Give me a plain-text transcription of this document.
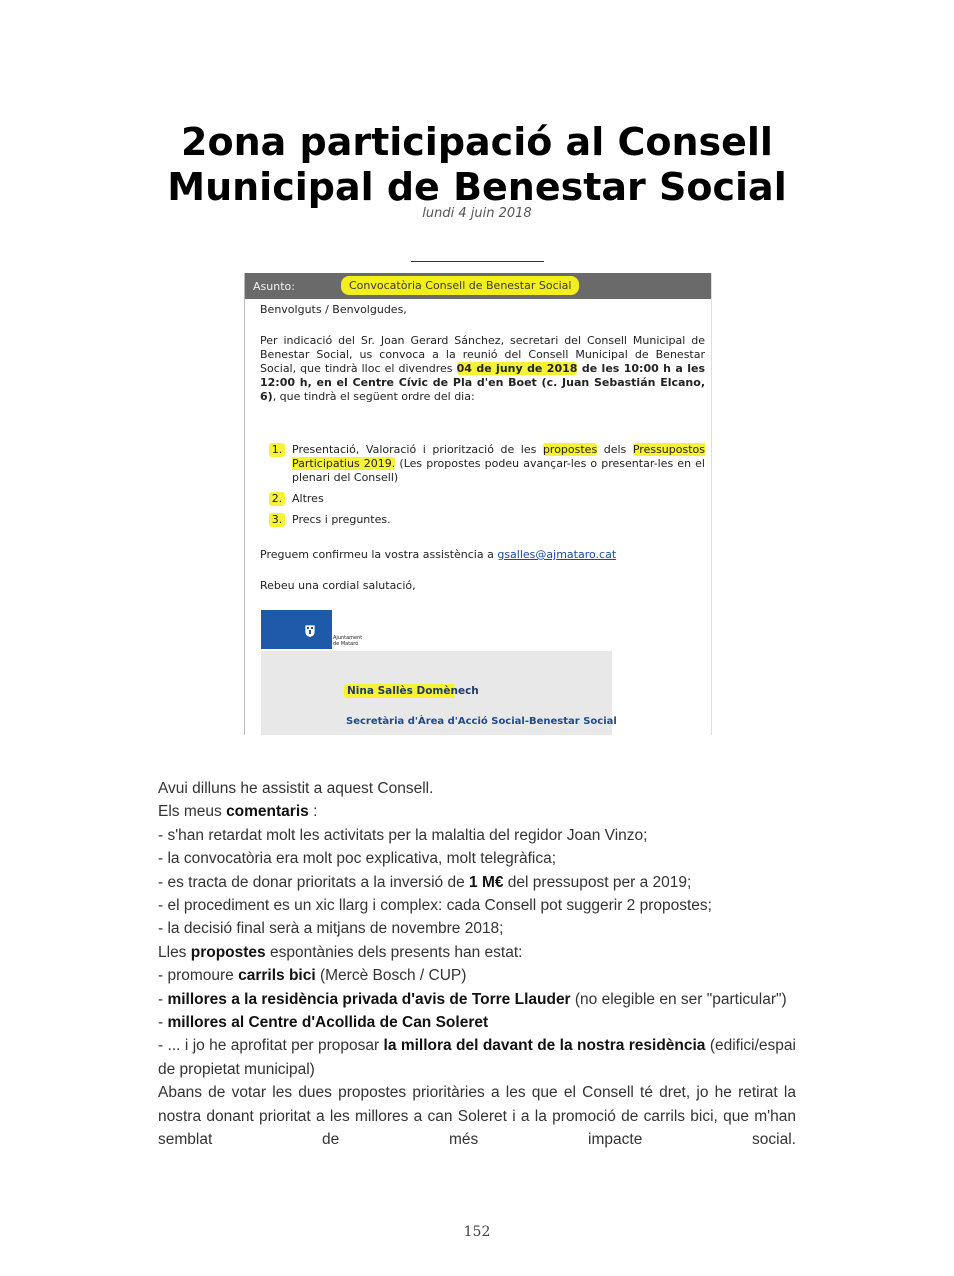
2ona participació al Consell
Municipal de Benestar Social
lundi 4 juin 2018
Asunto:	Convocatòria Consell de Benestar Social

Benvolguts / Benvolgudes,

Per indicació del Sr. Joan Gerard Sánchez, secretari del Consell Municipal de Benestar Social, us convoca a la reunió del Consell Municipal de Benestar Social, que tindrà lloc el divendres 04 de juny de 2018 de les 10:00 h a les 12:00 h, en el Centre Cívic de Pla d'en Boet (c. Juan Sebastián Elcano, 6), que tindrà el següent ordre del dia:

1. Presentació, Valoració i priorització de les propostes dels Pressupostos Participatius 2019. (Les propostes podeu avançar-les o presentar-les en el plenari del Consell)

2. Altres

3. Precs i preguntes.

Preguem confirmeu la vostra assistència a gsalles@ajmataro.cat

Rebeu una cordial salutació,

Ajuntament
de Mataró
Nina Sallès Domènech
Secretària d'Àrea d'Acció Social-Benestar Social

Avui dilluns he assistit a aquest Consell.

Els meus comentaris :

- s'han retardat molt les activitats per la malaltia del regidor Joan Vinzo;

- la convocatòria era molt poc explicativa, molt telegràfica;

- es tracta de donar prioritats a la inversió de 1 M€ del pressupost per a 2019;

- el procediment es un xic llarg i complex: cada Consell pot suggerir 2 propostes;

- la decisió final serà a mitjans de novembre 2018;

Lles propostes espontànies dels presents han estat:

- promoure carrils bici (Mercè Bosch / CUP)

- millores a la residència privada d'avis de Torre Llauder (no elegible en ser "particular")

- millores al Centre d'Acollida de Can Soleret

- ... i jo he aprofitat per proposar la millora del davant de la nostra residència (edifici/espai de propietat municipal)

Abans de votar les dues propostes prioritàries a les que el Consell té dret, jo he retirat la nostra donant prioritat a les millores a can Soleret i a la promoció de carrils bici, que m'han semblat de més impacte social.

152
